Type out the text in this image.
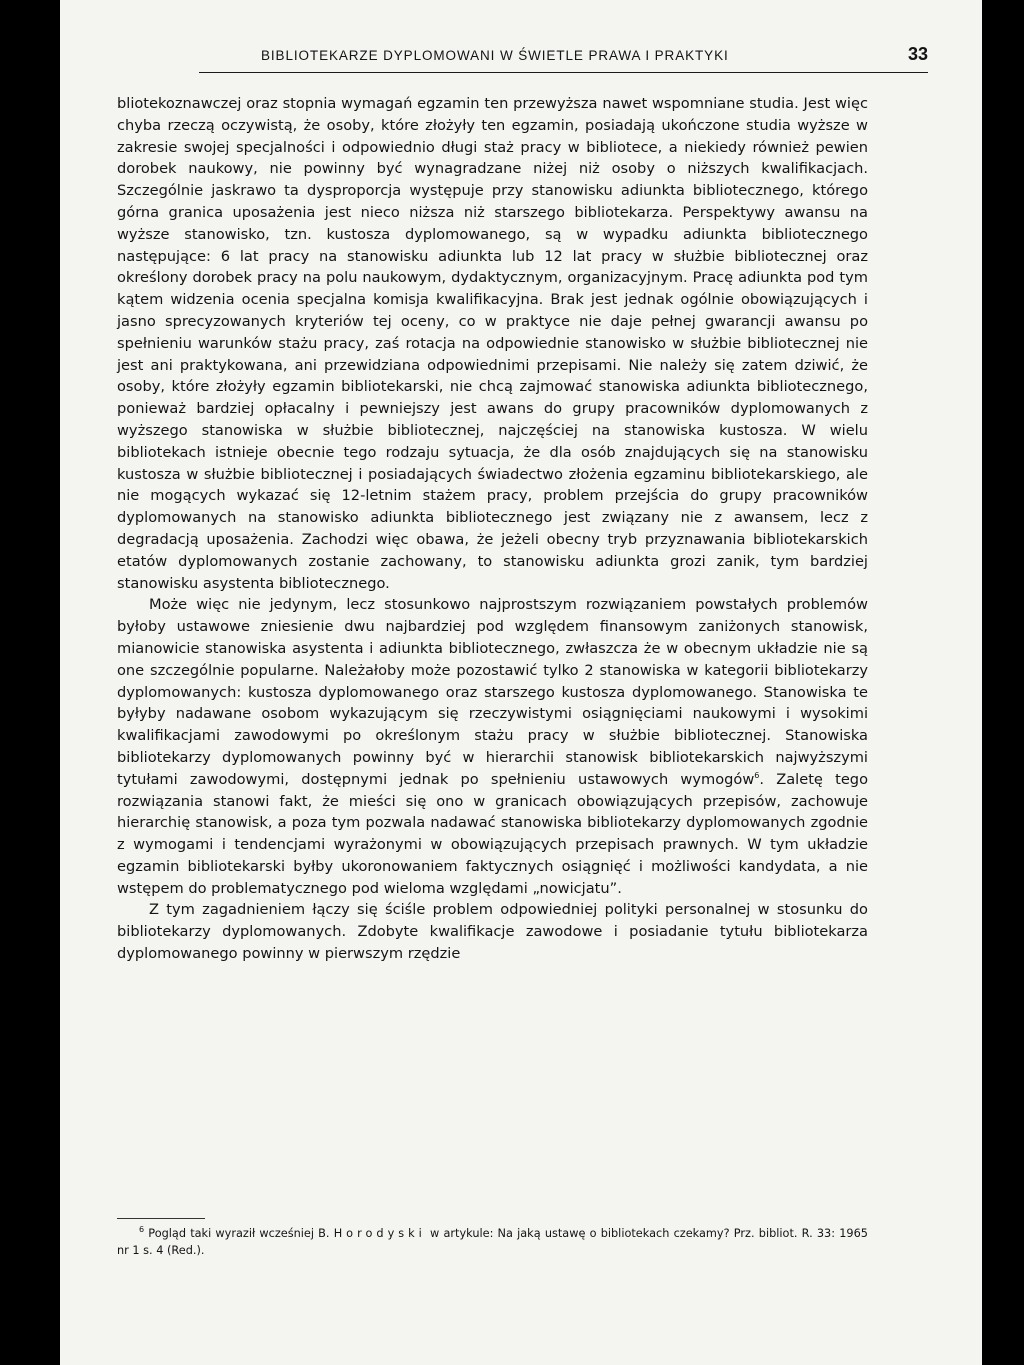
BIBLIOTEKARZE DYPLOMOWANI W ŚWIETLE PRAWA I PRAKTYKI	33

bliotekoznawczej oraz stopnia wymagań egzamin ten przewyższa nawet wspomniane studia. Jest więc chyba rzeczą oczywistą, że osoby, które złożyły ten egzamin, posiadają ukończone studia wyższe w zakresie swojej specjalności i odpowiednio długi staż pracy w bibliotece, a niekiedy również pewien dorobek naukowy, nie powinny być wynagradzane niżej niż osoby o niższych kwalifikacjach. Szczególnie jaskrawo ta dysproporcja występuje przy stanowisku adiunkta bibliotecznego, którego górna granica uposażenia jest nieco niższa niż starszego bibliotekarza. Perspektywy awansu na wyższe stanowisko, tzn. kustosza dyplomowanego, są w wypadku adiunkta bibliotecznego następujące: 6 lat pracy na stanowisku adiunkta lub 12 lat pracy w służbie bibliotecznej oraz określony dorobek pracy na polu naukowym, dydaktycznym, organizacyjnym. Pracę adiunkta pod tym kątem widzenia ocenia specjalna komisja kwalifikacyjna. Brak jest jednak ogólnie obowiązujących i jasno sprecyzowanych kryteriów tej oceny, co w praktyce nie daje pełnej gwarancji awansu po spełnieniu warunków stażu pracy, zaś rotacja na odpowiednie stanowisko w służbie bibliotecznej nie jest ani praktykowana, ani przewidziana odpowiednimi przepisami. Nie należy się zatem dziwić, że osoby, które złożyły egzamin bibliotekarski, nie chcą zajmować stanowiska adiunkta bibliotecznego, ponieważ bardziej opłacalny i pewniejszy jest awans do grupy pracowników dyplomowanych z wyższego stanowiska w służbie bibliotecznej, najczęściej na stanowiska kustosza. W wielu bibliotekach istnieje obecnie tego rodzaju sytuacja, że dla osób znajdujących się na stanowisku kustosza w służbie bibliotecznej i posiadających świadectwo złożenia egzaminu bibliotekarskiego, ale nie mogących wykazać się 12-letnim stażem pracy, problem przejścia do grupy pracowników dyplomowanych na stanowisko adiunkta bibliotecznego jest związany nie z awansem, lecz z degradacją uposażenia. Zachodzi więc obawa, że jeżeli obecny tryb przyznawania bibliotekarskich etatów dyplomowanych zostanie zachowany, to stanowisku adiunkta grozi zanik, tym bardziej stanowisku asystenta bibliotecznego.

Może więc nie jedynym, lecz stosunkowo najprostszym rozwiązaniem powstałych problemów byłoby ustawowe zniesienie dwu najbardziej pod względem finansowym zaniżonych stanowisk, mianowicie stanowiska asystenta i adiunkta bibliotecznego, zwłaszcza że w obecnym układzie nie są one szczególnie popularne. Należałoby może pozostawić tylko 2 stanowiska w kategorii bibliotekarzy dyplomowanych: kustosza dyplomowanego oraz starszego kustosza dyplomowanego. Stanowiska te byłyby nadawane osobom wykazującym się rzeczywistymi osiągnięciami naukowymi i wysokimi kwalifikacjami zawodowymi po określonym stażu pracy w służbie bibliotecznej. Stanowiska bibliotekarzy dyplomowanych powinny być w hierarchii stanowisk bibliotekarskich najwyższymi tytułami zawodowymi, dostępnymi jednak po spełnieniu ustawowych wymogów$^6$. Zaletę tego rozwiązania stanowi fakt, że mieści się ono w granicach obowiązujących przepisów, zachowuje hierarchię stanowisk, a poza tym pozwala nadawać stanowiska bibliotekarzy dyplomowanych zgodnie z wymogami i tendencjami wyrażonymi w obowiązujących przepisach prawnych. W tym układzie egzamin bibliotekarski byłby ukoronowaniem faktycznych osiągnięć i możliwości kandydata, a nie wstępem do problematycznego pod wieloma względami „nowicjatu”.

Z tym zagadnieniem łączy się ściśle problem odpowiedniej polityki personalnej w stosunku do bibliotekarzy dyplomowanych. Zdobyte kwalifikacje zawodowe i posiadanie tytułu bibliotekarza dyplomowanego powinny w pierwszym rzędzie

$^6$ Pogląd taki wyraził wcześniej B. Horodyski w artykule: Na jaką ustawę o bibliotekach czekamy? Prz. bibliot. R. 33: 1965 nr 1 s. 4 (Red.).
